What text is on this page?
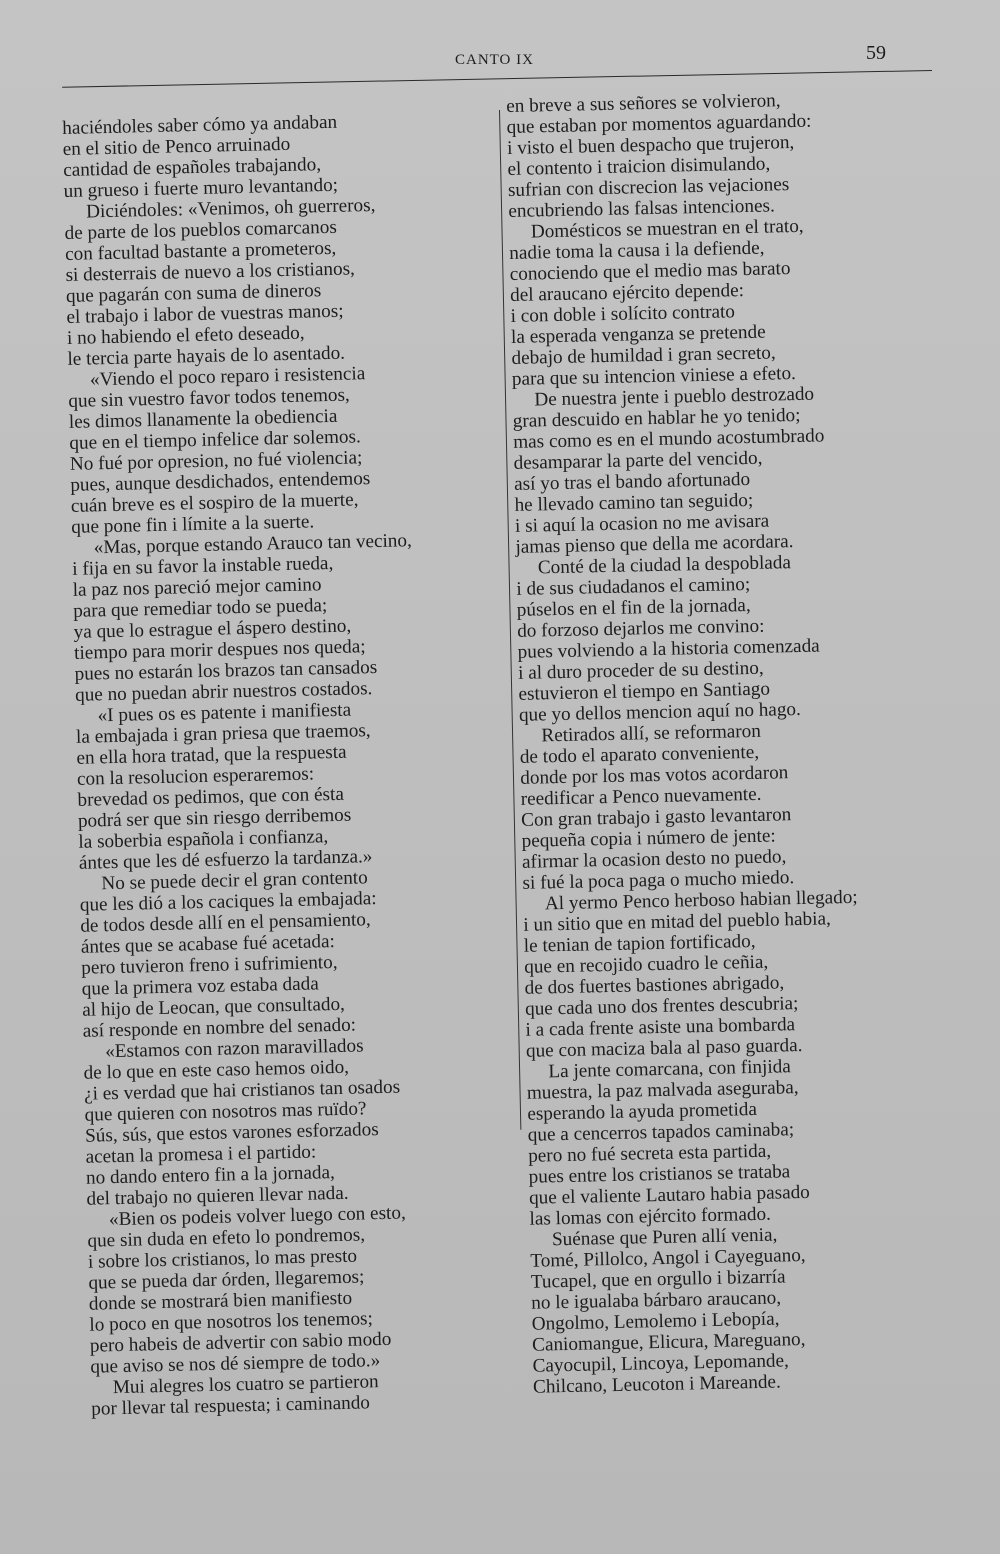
CANTO IX	59
haciéndoles saber cómo ya andaban
en el sitio de Penco arruinado
cantidad de españoles trabajando,
un grueso i fuerte muro levantando;
Diciéndoles: «Venimos, oh guerreros,
de parte de los pueblos comarcanos
con facultad bastante a prometeros,
si desterrais de nuevo a los cristianos,
que pagarán con suma de dineros
el trabajo i labor de vuestras manos;
i no habiendo el efeto deseado,
le tercia parte hayais de lo asentado.
«Viendo el poco reparo i resistencia
que sin vuestro favor todos tenemos,
les dimos llanamente la obediencia
que en el tiempo infelice dar solemos.
No fué por opresion, no fué violencia;
pues, aunque desdichados, entendemos
cuán breve es el sospiro de la muerte,
que pone fin i límite a la suerte.
«Mas, porque estando Arauco tan vecino,
i fija en su favor la instable rueda,
la paz nos pareció mejor camino
para que remediar todo se pueda;
ya que lo estrague el áspero destino,
tiempo para morir despues nos queda;
pues no estarán los brazos tan cansados
que no puedan abrir nuestros costados.
«I pues os es patente i manifiesta
la embajada i gran priesa que traemos,
en ella hora tratad, que la respuesta
con la resolucion esperaremos:
brevedad os pedimos, que con ésta
podrá ser que sin riesgo derribemos
la soberbia española i confianza,
ántes que les dé esfuerzo la tardanza.»
No se puede decir el gran contento
que les dió a los caciques la embajada:
de todos desde allí en el pensamiento,
ántes que se acabase fué acetada:
pero tuvieron freno i sufrimiento,
que la primera voz estaba dada
al hijo de Leocan, que consultado,
así responde en nombre del senado:
«Estamos con razon maravillados
de lo que en este caso hemos oido,
¿i es verdad que hai cristianos tan osados
que quieren con nosotros mas ruïdo?
Sús, sús, que estos varones esforzados
acetan la promesa i el partido:
no dando entero fin a la jornada,
del trabajo no quieren llevar nada.
«Bien os podeis volver luego con esto,
que sin duda en efeto lo pondremos,
i sobre los cristianos, lo mas presto
que se pueda dar órden, llegaremos;
donde se mostrará bien manifiesto
lo poco en que nosotros los tenemos;
pero habeis de advertir con sabio modo
que aviso se nos dé siempre de todo.»
Mui alegres los cuatro se partieron
por llevar tal respuesta; i caminando
en breve a sus señores se volvieron,
que estaban por momentos aguardando:
i visto el buen despacho que trujeron,
el contento i traicion disimulando,
sufrian con discrecion las vejaciones
encubriendo las falsas intenciones.
Domésticos se muestran en el trato,
nadie toma la causa i la defiende,
conociendo que el medio mas barato
del araucano ejército depende:
i con doble i solícito contrato
la esperada venganza se pretende
debajo de humildad i gran secreto,
para que su intencion viniese a efeto.
De nuestra jente i pueblo destrozado
gran descuido en hablar he yo tenido;
mas como es en el mundo acostumbrado
desamparar la parte del vencido,
así yo tras el bando afortunado
he llevado camino tan seguido;
i si aquí la ocasion no me avisara
jamas pienso que della me acordara.
Conté de la ciudad la despoblada
i de sus ciudadanos el camino;
púselos en el fin de la jornada,
do forzoso dejarlos me convino:
pues volviendo a la historia comenzada
i al duro proceder de su destino,
estuvieron el tiempo en Santiago
que yo dellos mencion aquí no hago.
Retirados allí, se reformaron
de todo el aparato conveniente,
donde por los mas votos acordaron
reedificar a Penco nuevamente.
Con gran trabajo i gasto levantaron
pequeña copia i número de jente:
afirmar la ocasion desto no puedo,
si fué la poca paga o mucho miedo.
Al yermo Penco herboso habian llegado;
i un sitio que en mitad del pueblo habia,
le tenian de tapion fortificado,
que en recojido cuadro le ceñia,
de dos fuertes bastiones abrigado,
que cada uno dos frentes descubria;
i a cada frente asiste una bombarda
que con maciza bala al paso guarda.
La jente comarcana, con finjida
muestra, la paz malvada aseguraba,
esperando la ayuda prometida
que a cencerros tapados caminaba;
pero no fué secreta esta partida,
pues entre los cristianos se trataba
que el valiente Lautaro habia pasado
las lomas con ejército formado.
Suénase que Puren allí venia,
Tomé, Pillolco, Angol i Cayeguano,
Tucapel, que en orgullo i bizarría
no le igualaba bárbaro araucano,
Ongolmo, Lemolemo i Lebopía,
Caniomangue, Elicura, Mareguano,
Cayocupil, Lincoya, Lepomande,
Chilcano, Leucoton i Mareande.
